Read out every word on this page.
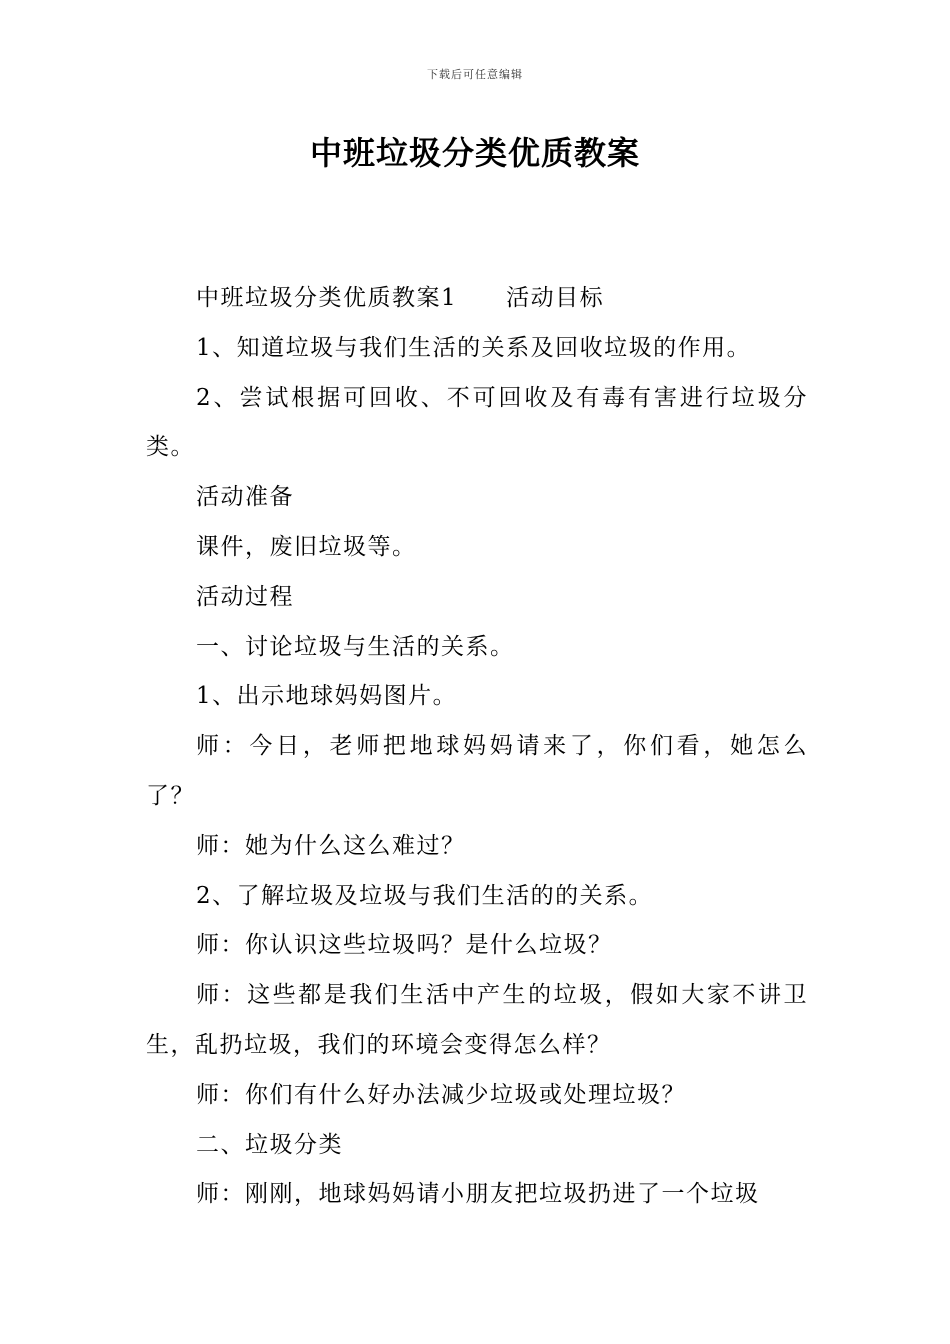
下载后可任意编辑
中班垃圾分类优质教案

中班垃圾分类优质教案1　　活动目标

1、知道垃圾与我们生活的关系及回收垃圾的作用。

2、尝试根据可回收、不可回收及有毒有害进行垃圾分类。

活动准备

课件，废旧垃圾等。

活动过程

一、讨论垃圾与生活的关系。

1、出示地球妈妈图片。

师：今日，老师把地球妈妈请来了，你们看，她怎么了？

师：她为什么这么难过？

2、了解垃圾及垃圾与我们生活的的关系。

师：你认识这些垃圾吗？是什么垃圾？

师：这些都是我们生活中产生的垃圾，假如大家不讲卫生，乱扔垃圾，我们的环境会变得怎么样？

师：你们有什么好办法减少垃圾或处理垃圾？

二、垃圾分类

师：刚刚，地球妈妈请小朋友把垃圾扔进了一个垃圾
